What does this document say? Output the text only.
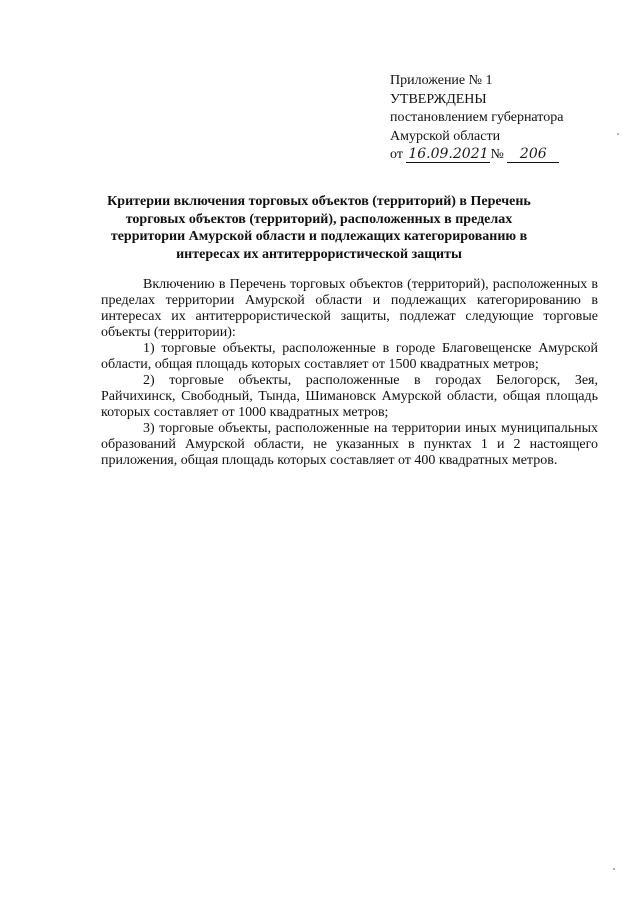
Приложение № 1
УТВЕРЖДЕНЫ
постановлением губернатора
Амурской области
от 16.09.2021 № 206
Критерии включения торговых объектов (территорий) в Перечень торговых объектов (территорий), расположенных в пределах территории Амурской области и подлежащих категорированию в интересах их антитеррористической защиты

Включению в Перечень торговых объектов (территорий), расположенных в пределах территории Амурской области и подлежащих категорированию в интересах их антитеррористической защиты, подлежат следующие торговые объекты (территории):

1) торговые объекты, расположенные в городе Благовещенске Амурской области, общая площадь которых составляет от 1500 квадратных метров;

2) торговые объекты, расположенные в городах Белогорск, Зея, Райчихинск, Свободный, Тында, Шимановск Амурской области, общая площадь которых составляет от 1000 квадратных метров;

3) торговые объекты, расположенные на территории иных муниципальных образований Амурской области, не указанных в пунктах 1 и 2 настоящего приложения, общая площадь которых составляет от 400 квадратных метров.
